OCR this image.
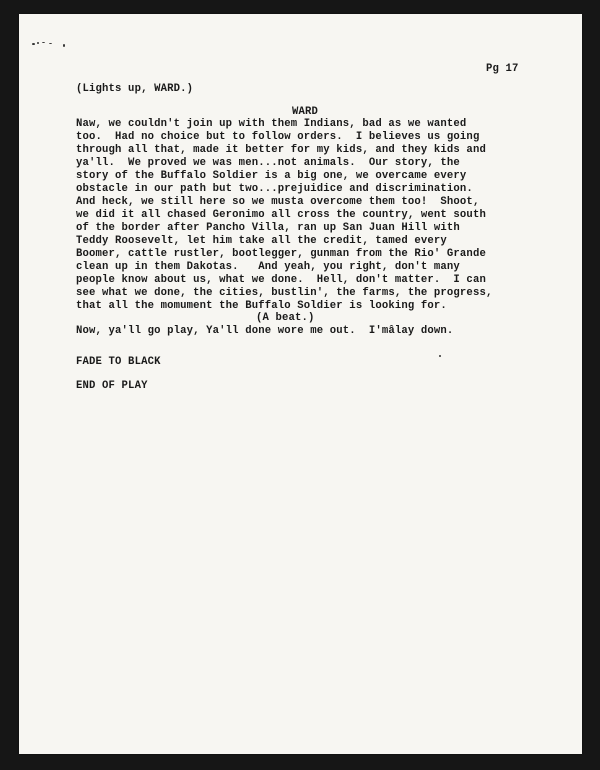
Pg 17
(Lights up, WARD.)
WARD
Naw, we couldn't join up with them Indians, bad as we wanted
too.  Had no choice but to follow orders.  I believes us going
through all that, made it better for my kids, and they kids and
ya'll.  We proved we was men...not animals.  Our story, the
story of the Buffalo Soldier is a big one, we overcame every
obstacle in our path but two...prejuidice and discrimination.
And heck, we still here so we musta overcome them too!  Shoot,
we did it all chased Geronimo all cross the country, went south
of the border after Pancho Villa, ran up San Juan Hill with
Teddy Roosevelt, let him take all the credit, tamed every
Boomer, cattle rustler, bootlegger, gunman from the Rio' Grande
clean up in them Dakotas.   And yeah, you right, don't many
people know about us, what we done.  Hell, don't matter.  I can
see what we done, the cities, bustlin', the farms, the progress,
that all the momument the Buffalo Soldier is looking for.
(A beat.)
Now, ya'll go play, Ya'll done wore me out.  I'mâlay down.
FADE TO BLACK
END OF PLAY
